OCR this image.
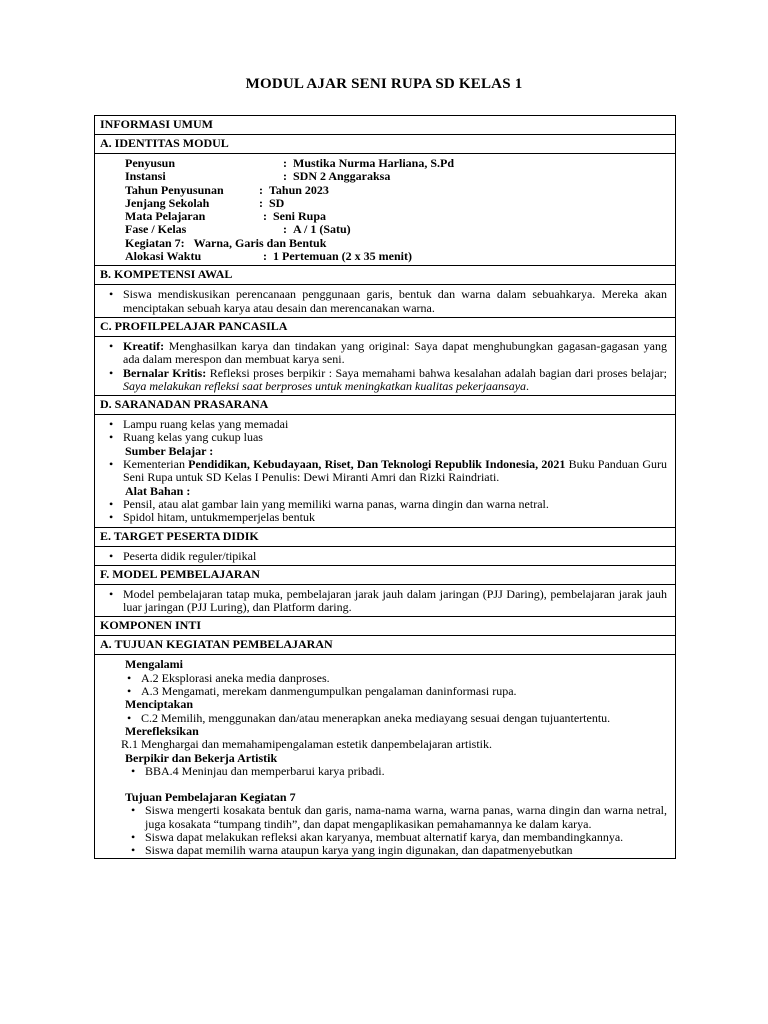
MODUL AJAR SENI RUPA SD KELAS 1
INFORMASI UMUM
A. IDENTITAS MODUL

Penyusun	:
Mustika Nurma Harliana, S.Pd
Instansi	:
SDN 2 Anggaraksa
Tahun Penyusunan	:
Tahun 2023
Jenjang Sekolah	:
SD
Mata Pelajaran	:
Seni Rupa
Fase / Kelas	:
A / 1 (Satu)
Kegiatan 7:
Warna, Garis dan Bentuk
Alokasi Waktu	:
1 Pertemuan (2 x 35 menit)

B. KOMPETENSI AWAL

• Siswa mendiskusikan perencanaan penggunaan garis, bentuk dan warna dalam sebuahkarya. Mereka akan menciptakan sebuah karya atau desain dan merencanakan warna.

C. PROFILPELAJAR PANCASILA

• Kreatif: Menghasilkan karya dan tindakan yang original: Saya dapat menghubungkan gagasan-gagasan yang ada dalam merespon dan membuat karya seni.
• Bernalar Kritis: Refleksi proses berpikir : Saya memahami bahwa kesalahan adalah bagian dari proses belajar; Saya melakukan refleksi saat berproses untuk meningkatkan kualitas pekerjaansaya.

D. SARANADAN PRASARANA

• Lampu ruang kelas yang memadai
• Ruang kelas yang cukup luas
Sumber Belajar :
• Kementerian Pendidikan, Kebudayaan, Riset, Dan Teknologi Republik Indonesia, 2021 Buku Panduan Guru Seni Rupa untuk SD Kelas I Penulis: Dewi Miranti Amri dan Rizki Raindriati.
Alat Bahan :
• Pensil, atau alat gambar lain yang memiliki warna panas, warna dingin dan warna netral.
• Spidol hitam, untukmemperjelas bentuk

E. TARGET PESERTA DIDIK

• Peserta didik reguler/tipikal

F. MODEL PEMBELAJARAN

• Model pembelajaran tatap muka, pembelajaran jarak jauh dalam jaringan (PJJ Daring), pembelajaran jarak jauh luar jaringan (PJJ Luring), dan Platform daring.

KOMPONEN INTI
A. TUJUAN KEGIATAN PEMBELAJARAN

Mengalami
• A.2 Eksplorasi aneka media danproses.
• A.3 Mengamati, merekam danmengumpulkan pengalaman daninformasi rupa.
Menciptakan
• C.2 Memilih, menggunakan dan/atau menerapkan aneka mediayang sesuai dengan tujuantertentu.
Merefleksikan
R.1 Menghargai dan memahamipengalaman estetik danpembelajaran artistik.
Berpikir dan Bekerja Artistik
• BBA.4 Meninjau dan memperbarui karya pribadi.
Tujuan Pembelajaran Kegiatan 7
• Siswa mengerti kosakata bentuk dan garis, nama-nama warna, warna panas, warna dingin dan warna netral, juga kosakata “tumpang tindih”, dan dapat mengaplikasikan pemahamannya ke dalam karya.
• Siswa dapat melakukan refleksi akan karyanya, membuat alternatif karya, dan membandingkannya.
• Siswa dapat memilih warna ataupun karya yang ingin digunakan, dan dapatmenyebutkan
